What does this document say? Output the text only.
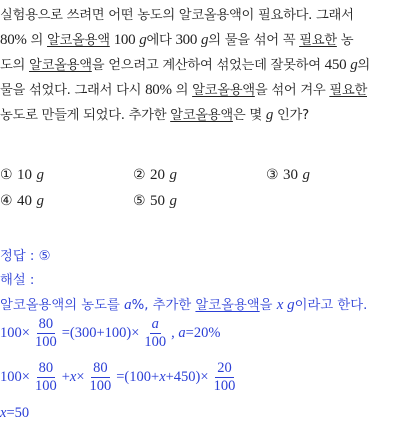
실험용으로 쓰려면 어떤 농도의 알코올용액이 필요하다. 그래서
80% 의 알코올용액 100 g에다 300 g의 물을 섞어 꼭 필요한 농
도의 알코올용액을 얻으려고 계산하여 섞었는데 잘못하여 450 g의
물을 섞었다. 그래서 다시 80% 의 알코올용액을 섞어 겨우 필요한
농도로 만들게 되었다. 추가한 알코올용액은 몇 g 인가?
① 10 g	② 20 g	③ 30 g
④ 40 g	⑤ 50 g
정답 : ⑤
해설 :
알코올용액의 농도를 a%, 추가한 알코올용액을 x g이라고 한다.
$100\times \frac{80}{100} =(300+100)\times \frac{a}{100}$ ,
a =20%
$100\times \frac{80}{100} + x \times \frac{80}{100} =(100+ x +450)\times \frac{20}{100}$
x =50
